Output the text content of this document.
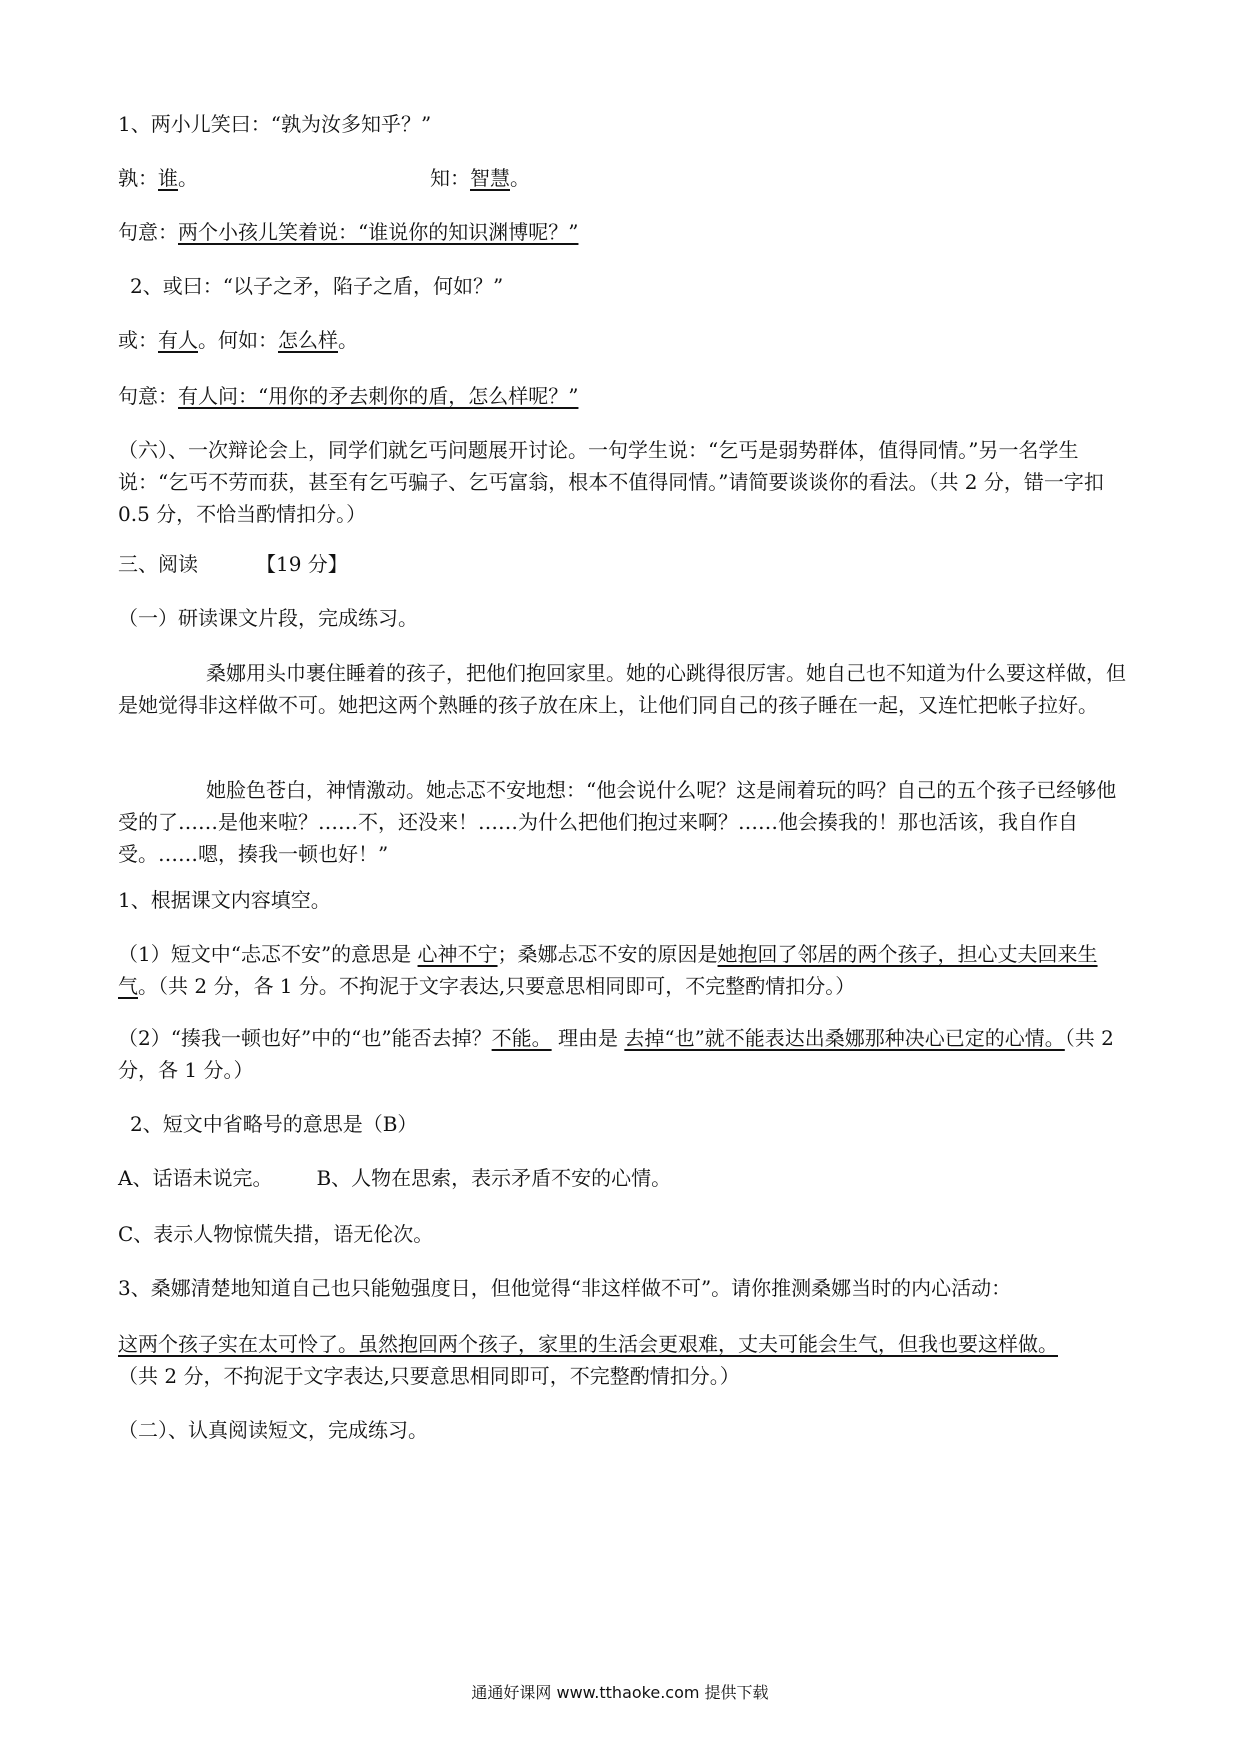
1、两小儿笑曰：“孰为汝多知乎？”
孰：谁。	知：智慧。
句意：两个小孩儿笑着说：“谁说你的知识渊博呢？”
2、或曰：“以子之矛，陷子之盾，何如？”
或：有人。何如：怎么样。
句意：有人问：“用你的矛去刺你的盾，怎么样呢？”
（六）、一次辩论会上，同学们就乞丐问题展开讨论。一句学生说：“乞丐是弱势群体，值得同情。”另一名学生说：“乞丐不劳而获，甚至有乞丐骗子、乞丐富翁，根本不值得同情。”请简要谈谈你的看法。（共 2 分，错一字扣 0.5 分，不恰当酌情扣分。）
三、阅读	【19 分】
（一）研读课文片段，完成练习。
桑娜用头巾裹住睡着的孩子，把他们抱回家里。她的心跳得很厉害。她自己也不知道为什么要这样做，但是她觉得非这样做不可。她把这两个熟睡的孩子放在床上，让他们同自己的孩子睡在一起，又连忙把帐子拉好。
她脸色苍白，神情激动。她忐忑不安地想：“他会说什么呢？这是闹着玩的吗？自己的五个孩子已经够他受的了……是他来啦？……不，还没来！……为什么把他们抱过来啊？……他会揍我的！那也活该，我自作自受。……嗯，揍我一顿也好！”
1、根据课文内容填空。
（1）短文中“忐忑不安”的意思是 心神不宁；桑娜忐忑不安的原因是她抱回了邻居的两个孩子，担心丈夫回来生气。（共 2 分，各 1 分。不拘泥于文字表达,只要意思相同即可，不完整酌情扣分。）
（2）“揍我一顿也好”中的“也”能否去掉？不能。 理由是 去掉“也”就不能表达出桑娜那种决心已定的心情。（共 2 分，各 1 分。）
2、短文中省略号的意思是（B）
A、话语未说完。 B、人物在思索，表示矛盾不安的心情。
C、表示人物惊慌失措，语无伦次。
3、桑娜清楚地知道自己也只能勉强度日，但他觉得“非这样做不可”。请你推测桑娜当时的内心活动：
这两个孩子实在太可怜了。虽然抱回两个孩子，家里的生活会更艰难，丈夫可能会生气，但我也要这样做。（共 2 分，不拘泥于文字表达,只要意思相同即可，不完整酌情扣分。）
（二）、认真阅读短文，完成练习。
通通好课网 www.tthaoke.com 提供下载
